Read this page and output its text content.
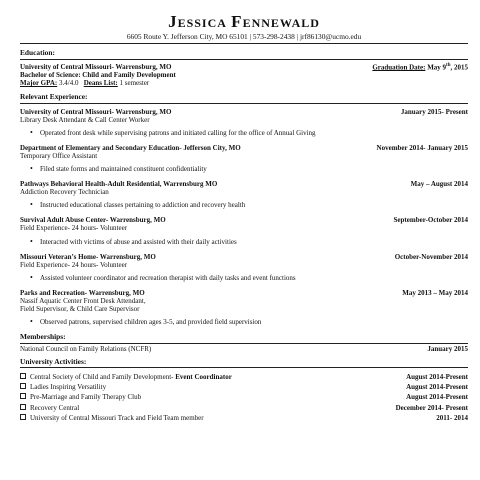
JESSICA FENNEWALD
6605 Route Y. Jefferson City, MO 65101 | 573-298-2438 | jrf86130@ucmo.edu
Education:
University of Central Missouri- Warrensburg, MO	Graduation Date: May 9th, 2015
Bachelor of Science: Child and Family Development
Major GPA: 3.4/4.0 Deans List: 1 semester
Relevant Experience:
University of Central Missouri- Warrensburg, MO	January 2015- Present
Library Desk Attendant & Call Center Worker
•	Operated front desk while supervising patrons and initiated calling for the office of Annual Giving
Department of Elementary and Secondary Education- Jefferson City, MO	November 2014- January 2015
Temporary Office Assistant
•	Filed state forms and maintained constituent confidentiality
Pathways Behavioral Health-Adult Residential, Warrensburg MO	May – August 2014
Addiction Recovery Technician
•	Instructed educational classes pertaining to addiction and recovery health
Survival Adult Abuse Center- Warrensburg, MO	September-October 2014
Field Experience- 24 hours- Volunteer
•	Interacted with victims of abuse and assisted with their daily activities
Missouri Veteran’s Home- Warrensburg, MO	October-November 2014
Field Experience- 24 hours- Volunteer
•	Assisted volunteer coordinator and recreation therapist with daily tasks and event functions
Parks and Recreation- Warrensburg, MO	May 2013 – May 2014
Nassif Aquatic Center Front Desk Attendant,
Field Supervisor, & Child Care Supervisor
•	Observed patrons, supervised children ages 3-5, and provided field supervision
Memberships:
National Council on Family Relations (NCFR)	January 2015
University Activities:
Central Society of Child and Family Development- Event Coordinator	August 2014-Present
Ladies Inspiring Versatility	August 2014-Present
Pre-Marriage and Family Therapy Club	August 2014-Present
Recovery Central	December 2014- Present
University of Central Missouri Track and Field Team member	2011- 2014
